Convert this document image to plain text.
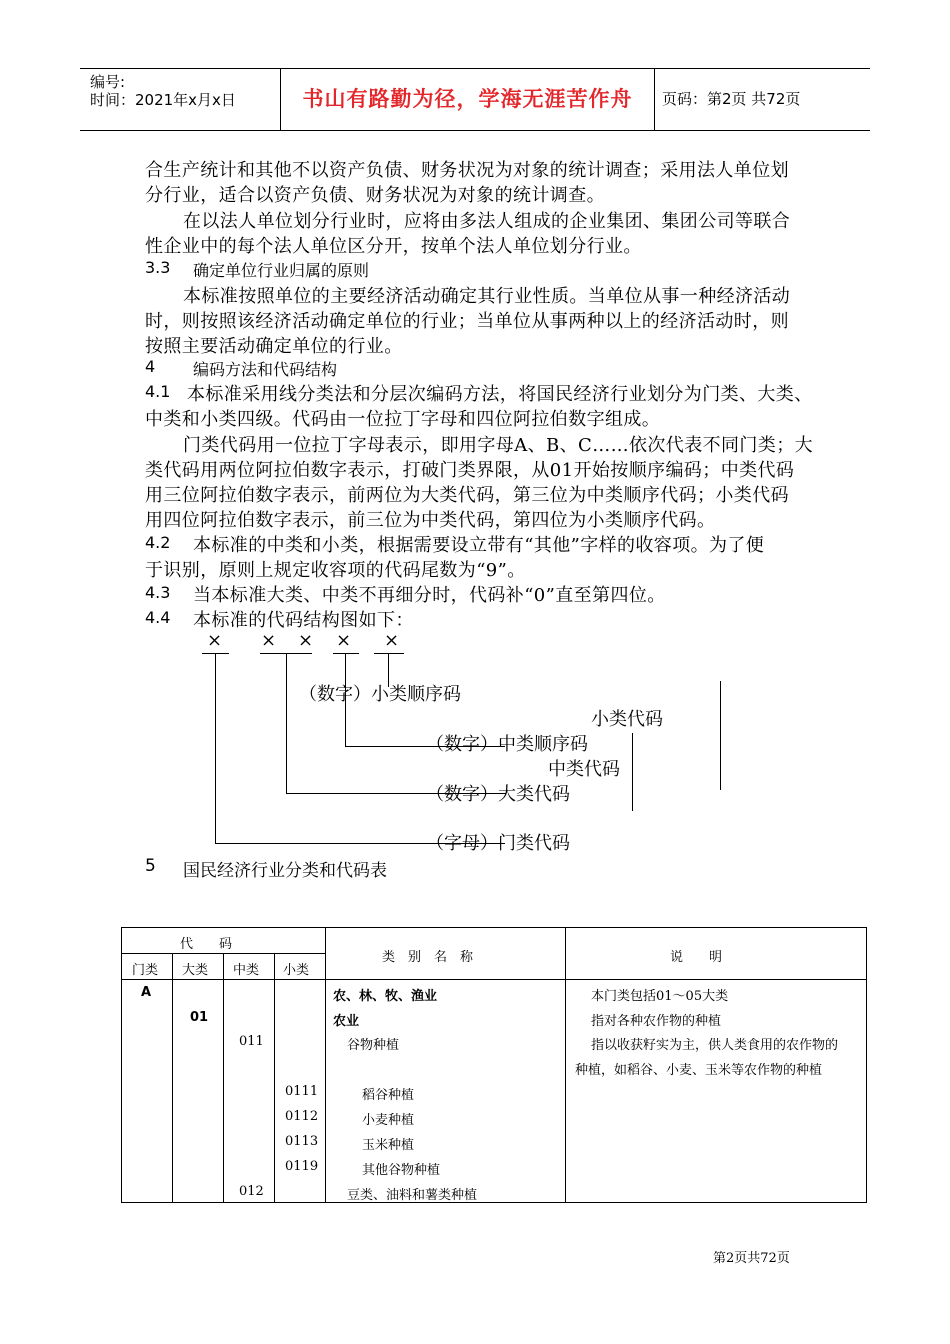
编号:
时间：2021年x月x日	书山有路勤为径，学海无涯苦作舟	页码：第2页 共72页
合生产统计和其他不以资产负债、财务状况为对象的统计调查；采用法人单位划
分行业，适合以资产负债、财务状况为对象的统计调查。
在以法人单位划分行业时，应将由多法人组成的企业集团、集团公司等联合
性企业中的每个法人单位区分开，按单个法人单位划分行业。
3.3 确定单位行业归属的原则
本标准按照单位的主要经济活动确定其行业性质。当单位从事一种经济活动
时，则按照该经济活动确定单位的行业；当单位从事两种以上的经济活动时，则
按照主要活动确定单位的行业。
4 编码方法和代码结构
4.1 本标准采用线分类法和分层次编码方法，将国民经济行业划分为门类、大类、
中类和小类四级。代码由一位拉丁字母和四位阿拉伯数字组成。
门类代码用一位拉丁字母表示，即用字母A、B、C……依次代表不同门类；大
类代码用两位阿拉伯数字表示，打破门类界限，从01开始按顺序编码；中类代码
用三位阿拉伯数字表示，前两位为大类代码，第三位为中类顺序代码；小类代码
用四位阿拉伯数字表示，前三位为中类代码，第四位为小类顺序代码。
4.2 本标准的中类和小类，根据需要设立带有“其他”字样的收容项。为了便
于识别，原则上规定收容项的代码尾数为“9”。
4.3 当本标准大类、中类不再细分时，代码补“0”直至第四位。
4.4 本标准的代码结构图如下：
× × × × ×
（数字）小类顺序码
小类代码
（数字）中类顺序码
中类代码
（数字）大类代码
（字母）门类代码
5 国民经济行业分类和代码表
代　　码
类　别　名　称	说　　明
门类 大类 中类 小类
A	农、林、牧、渔业	本门类包括01～05大类
01	农业	指对各种农作物的种植
011	谷物种植	指以收获籽实为主，供人类食用的农作物的
种植，如稻谷、小麦、玉米等农作物的种植
0111	稻谷种植
0112	小麦种植
0113	玉米种植
0119	其他谷物种植
012	豆类、油料和薯类种植
第2页共72页
